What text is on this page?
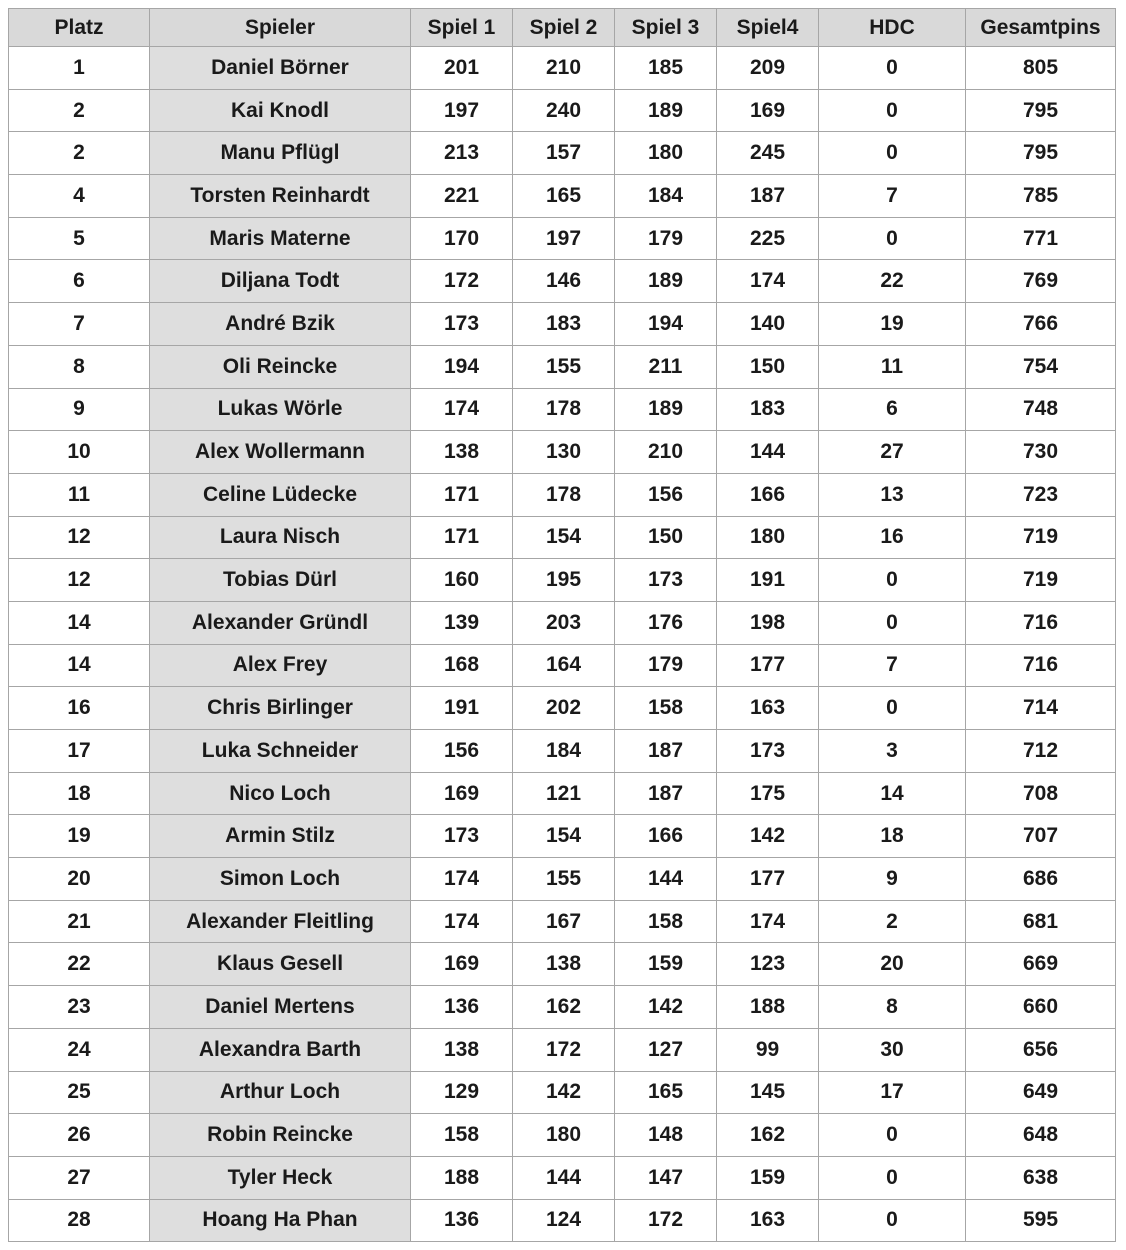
Platz	Spieler	Spiel 1	Spiel 2	Spiel 3	Spiel4	HDC	Gesamtpins
1	Daniel Börner	201	210	185	209	0	805
2	Kai Knodl	197	240	189	169	0	795
2	Manu Pflügl	213	157	180	245	0	795
4	Torsten Reinhardt	221	165	184	187	7	785
5	Maris Materne	170	197	179	225	0	771
6	Diljana Todt	172	146	189	174	22	769
7	André Bzik	173	183	194	140	19	766
8	Oli Reincke	194	155	211	150	11	754
9	Lukas Wörle	174	178	189	183	6	748
10	Alex Wollermann	138	130	210	144	27	730
11	Celine Lüdecke	171	178	156	166	13	723
12	Laura Nisch	171	154	150	180	16	719
12	Tobias Dürl	160	195	173	191	0	719
14	Alexander Gründl	139	203	176	198	0	716
14	Alex Frey	168	164	179	177	7	716
16	Chris Birlinger	191	202	158	163	0	714
17	Luka Schneider	156	184	187	173	3	712
18	Nico Loch	169	121	187	175	14	708
19	Armin Stilz	173	154	166	142	18	707
20	Simon Loch	174	155	144	177	9	686
21	Alexander Fleitling	174	167	158	174	2	681
22	Klaus Gesell	169	138	159	123	20	669
23	Daniel Mertens	136	162	142	188	8	660
24	Alexandra Barth	138	172	127	99	30	656
25	Arthur Loch	129	142	165	145	17	649
26	Robin Reincke	158	180	148	162	0	648
27	Tyler Heck	188	144	147	159	0	638
28	Hoang Ha Phan	136	124	172	163	0	595
